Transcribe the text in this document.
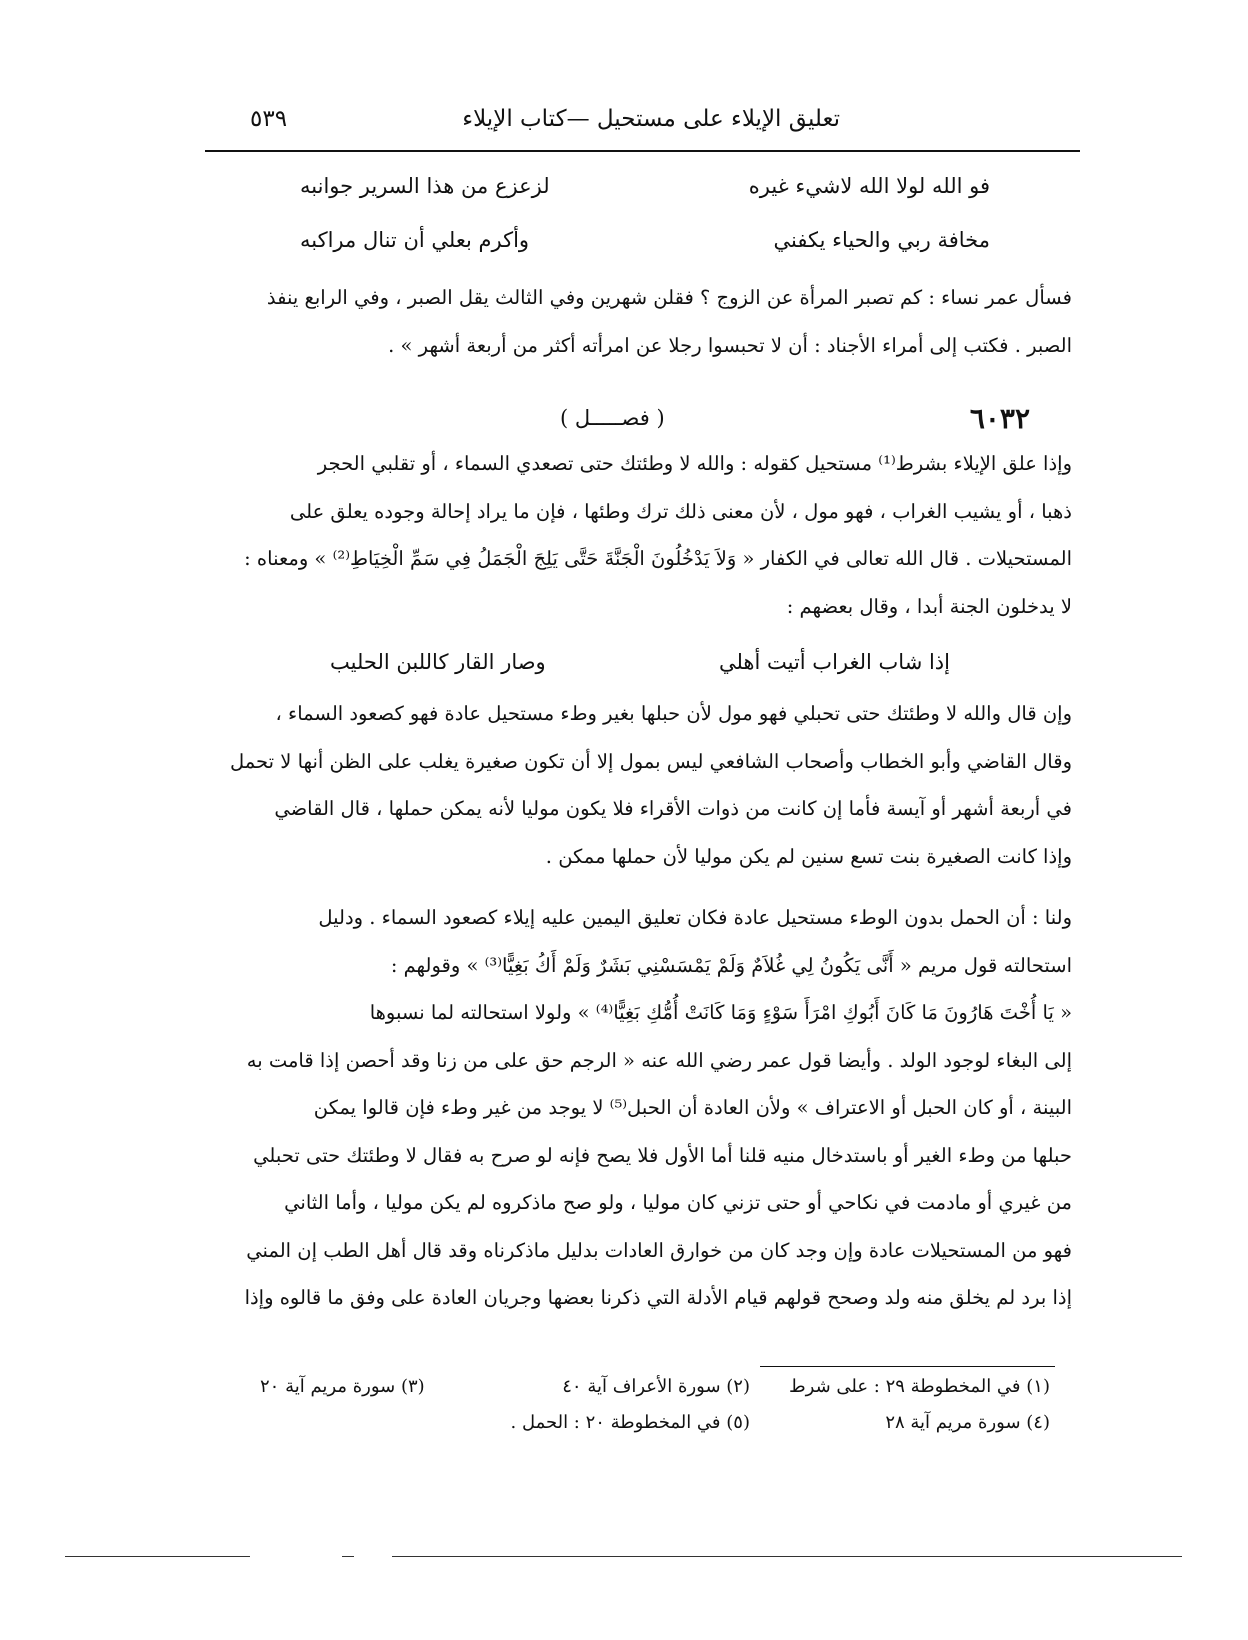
تعليق الإيلاء على مستحيل —كتاب الإيلاء
٥٣٩
فو الله لولا الله لاشيء غيره
لزعزع من هذا السرير جوانبه
مخافة ربي والحياء يكفني
وأكرم بعلي أن تنال مراكبه
فسأل عمر نساء : كم تصبر المرأة عن الزوج ؟ فقلن شهرين وفي الثالث يقل الصبر ، وفي الرابع ينفذ
الصبر . فكتب إلى أمراء الأجناد : أن لا تحبسوا رجلا عن امرأته أكثر من أربعة أشهر » .
٦٠٣٢
( فصـــــل )
وإذا علق الإيلاء بشرط⁽¹⁾ مستحيل كقوله : والله لا وطئتك حتى تصعدي السماء ، أو تقلبي الحجر
ذهبا ، أو يشيب الغراب ، فهو مول ، لأن معنى ذلك ترك وطئها ، فإن ما يراد إحالة وجوده يعلق على
المستحيلات . قال الله تعالى في الكفار « وَلاَ يَدْخُلُونَ الْجَنَّةَ حَتَّى يَلِجَ الْجَمَلُ فِي سَمِّ الْخِيَاطِ⁽²⁾ » ومعناه :
لا يدخلون الجنة أبدا ، وقال بعضهم :
إذا شاب الغراب أتيت أهلي
وصار القار كاللبن الحليب
وإن قال والله لا وطئتك حتى تحبلي فهو مول لأن حبلها بغير وطء مستحيل عادة فهو كصعود السماء ،
وقال القاضي وأبو الخطاب وأصحاب الشافعي ليس بمول إلا أن تكون صغيرة يغلب على الظن أنها لا تحمل
في أربعة أشهر أو آيسة فأما إن كانت من ذوات الأقراء فلا يكون موليا لأنه يمكن حملها ، قال القاضي
وإذا كانت الصغيرة بنت تسع سنين لم يكن موليا لأن حملها ممكن .
ولنا : أن الحمل بدون الوطء مستحيل عادة فكان تعليق اليمين عليه إيلاء كصعود السماء . ودليل
استحالته قول مريم « أَنَّى يَكُونُ لِي غُلاَمٌ وَلَمْ يَمْسَسْنِي بَشَرٌ وَلَمْ أَكُ بَغِيًّا⁽³⁾ » وقولهم :
« يَا أُخْتَ هَارُونَ مَا كَانَ أَبُوكِ امْرَأَ سَوْءٍ وَمَا كَانَتْ أُمُّكِ بَغِيًّا⁽⁴⁾ » ولولا استحالته لما نسبوها
إلى البغاء لوجود الولد . وأيضا قول عمر رضي الله عنه « الرجم حق على من زنا وقد أحصن إذا قامت به
البينة ، أو كان الحبل أو الاعتراف » ولأن العادة أن الحبل⁽⁵⁾ لا يوجد من غير وطء فإن قالوا يمكن
حبلها من وطء الغير أو باستدخال منيه قلنا أما الأول فلا يصح فإنه لو صرح به فقال لا وطئتك حتى تحبلي
من غيري أو مادمت في نكاحي أو حتى تزني كان موليا ، ولو صح ماذكروه لم يكن موليا ، وأما الثاني
فهو من المستحيلات عادة وإن وجد كان من خوارق العادات بدليل ماذكرناه وقد قال أهل الطب إن المني
إذا برد لم يخلق منه ولد وصحح قولهم قيام الأدلة التي ذكرنا بعضها وجريان العادة على وفق ما قالوه وإذا
(١) في المخطوطة ٢٩ : على شرط
(٢) سورة الأعراف آية ٤٠
(٣) سورة مريم آية ٢٠
(٤) سورة مريم آية ٢٨
(٥) في المخطوطة ٢٠ : الحمل .
